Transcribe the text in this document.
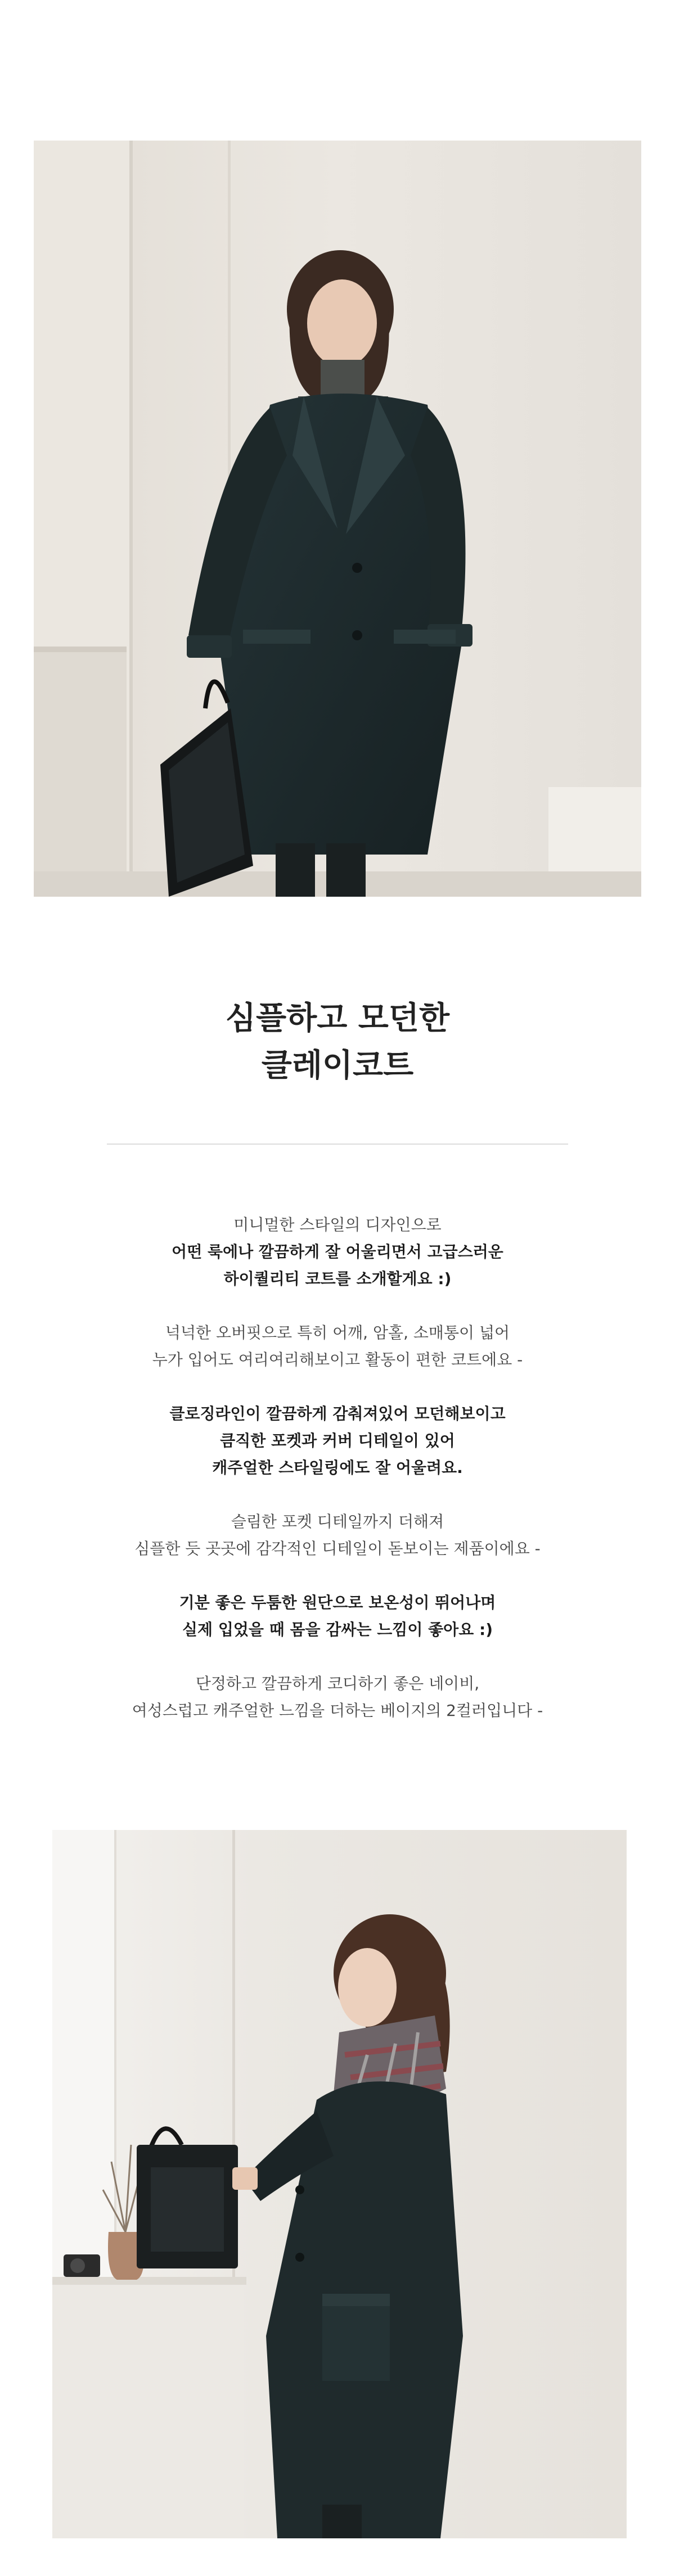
심플하고 모던한
클레이코트
미니멀한 스타일의 디자인으로
어떤 룩에나 깔끔하게 잘 어울리면서 고급스러운
하이퀄리티 코트를 소개할게요 :)
넉넉한 오버핏으로 특히 어깨, 암홀, 소매통이 넓어
누가 입어도 여리여리해보이고 활동이 편한 코트에요 -
클로징라인이 깔끔하게 감춰져있어 모던해보이고
큼직한 포켓과 커버 디테일이 있어
캐주얼한 스타일링에도 잘 어울려요.
슬림한 포켓 디테일까지 더해져
심플한 듯 곳곳에 감각적인 디테일이 돋보이는 제품이에요 -
기분 좋은 두툼한 원단으로 보온성이 뛰어나며
실제 입었을 때 몸을 감싸는 느낌이 좋아요 :)
단정하고 깔끔하게 코디하기 좋은 네이비,
여성스럽고 캐주얼한 느낌을 더하는 베이지의 2컬러입니다 -
